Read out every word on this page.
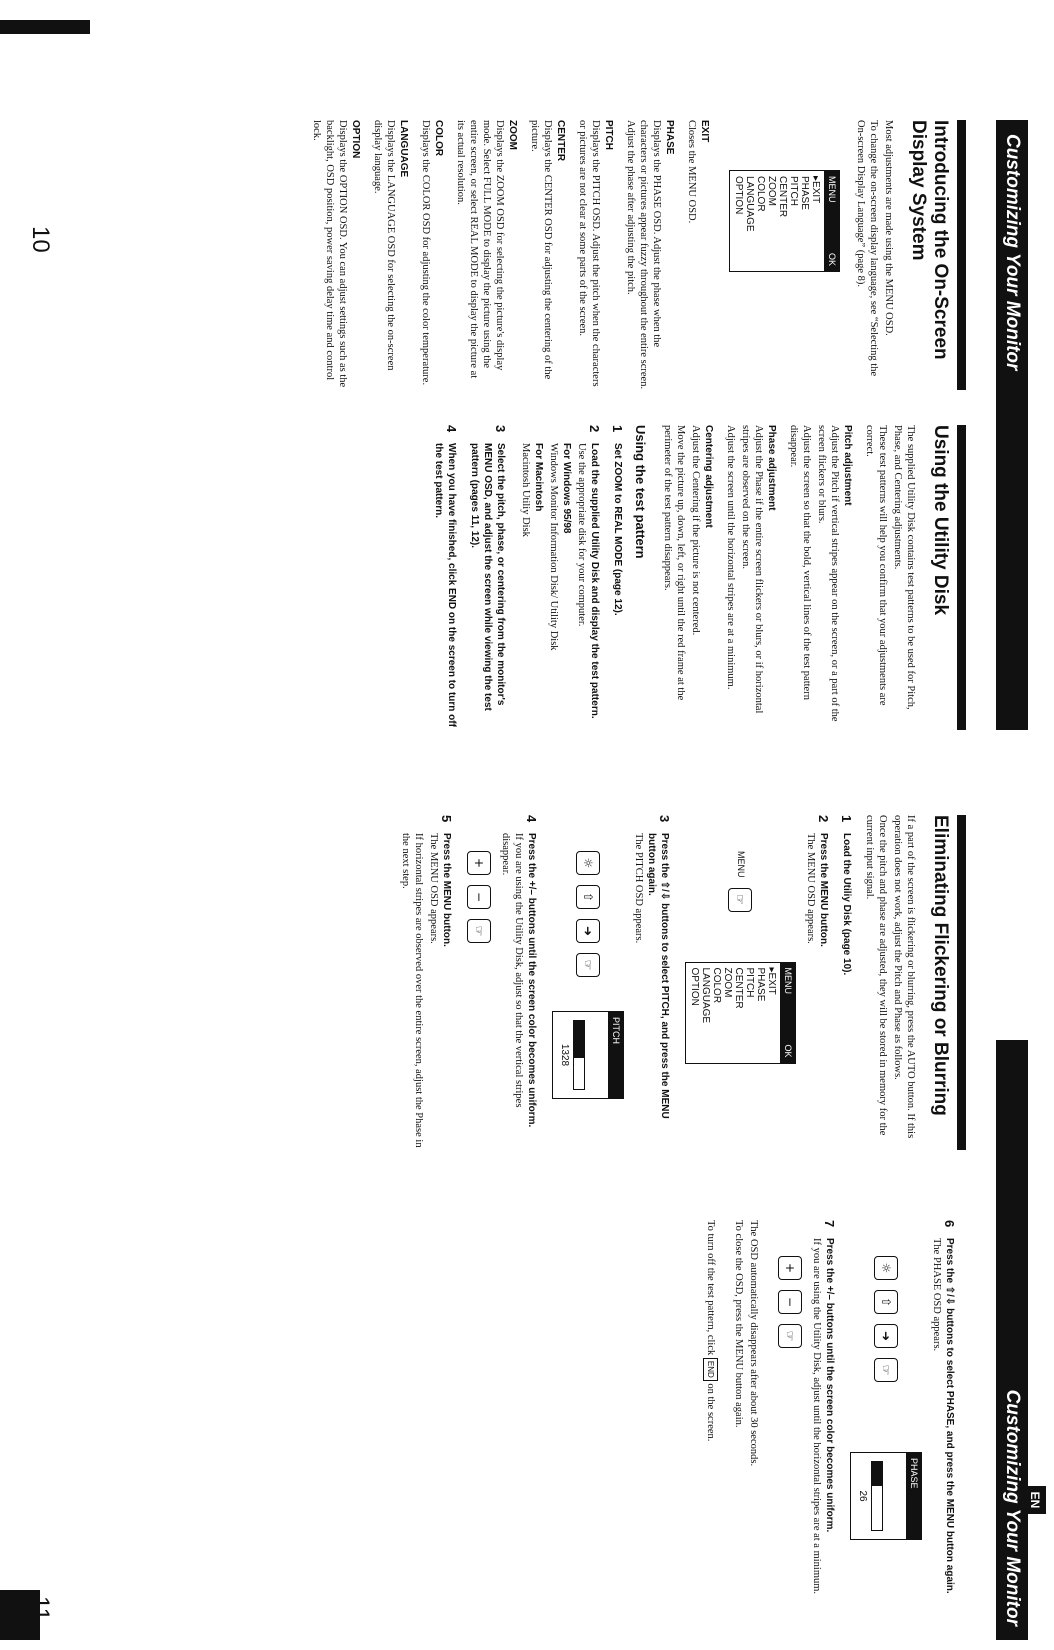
Customizing Your Monitor
Customizing Your Monitor EN
Introducing the On-Screen Display System

Most adjustments are made using the MENU OSD.

To change the on-screen display language, see “Selecting the On-screen Display Language” (page 8).

MENU
OK
▸EXIT
PHASE
PITCH
CENTER
ZOOM
COLOR
LANGUAGE
OPTION
EXIT

Closes the MENU OSD.

PHASE

Displays the PHASE OSD. Adjust the phase when the characters or pictures appear fuzzy throughout the entire screen. Adjust the phase after adjusting the pitch.

PITCH

Displays the PITCH OSD. Adjust the pitch when the characters or pictures are not clear at some parts of the screen.

CENTER

Displays the CENTER OSD for adjusting the centering of the picture.

ZOOM

Displays the ZOOM OSD for selecting the picture's display mode. Select FULL MODE to display the picture using the entire screen, or select REAL MODE to display the picture at its actual resolution.

COLOR

Displays the COLOR OSD for adjusting the color temperature.

LANGUAGE

Displays the LANGUAGE OSD for selecting the on-screen display language.

OPTION

Displays the OPTION OSD. You can adjust settings such as the backlight, OSD position, power saving delay time and control lock.

Using the Utility Disk

The supplied Utility Disk contains test patterns to be used for Pitch, Phase, and Centering adjustments.

These test patterns will help you confirm that your adjustments are correct.

Pitch adjustment

Adjust the Pitch if vertical stripes appear on the screen, or a part of the screen flickers or blurs.

Adjust the screen so that the bold, vertical lines of the test pattern disappear.

Phase adjustment

Adjust the Phase if the entire screen flickers or blurs, or if horizontal stripes are observed on the screen.

Adjust the screen until the horizontal stripes are at a minimum.

Centering adjustment

Adjust the Centering if the picture is not centered.

Move the picture up, down, left, or right until the red frame at the perimeter of the test pattern disappears.

Using the test pattern
1
Set ZOOM to REAL MODE (page 12).
2
Load the supplied Utility Disk and display the test pattern.

Use the appropriate disk for your computer.

For Windows 95/98

Windows Monitor Information Disk/ Utility Disk

For Macintosh

Macintosh Utiliy Disk

3
Select the pitch, phase, or centering from the monitor's MENU OSD, and adjust the screen while viewing the test pattern (pages 11, 12).
4
When you have finished, click END on the screen to turn off the test pattern.
Eliminating Flickering or Blurring

If a part of the screen is flickering or blurring, press the AUTO button. If this operation does not work, adjust the Pitch and Phase as follows.

Once the pitch and phase are adjusted, they will be stored in memory for the current input signal.

1
Load the Utiliy Disk (page 10).
2
Press the MENU button.

The MENU OSD appears.

MENU
☞
MENU
OK
▸EXIT
PHASE
PITCH
CENTER
ZOOM
COLOR
LANGUAGE
OPTION
3
Press the ⇧/⇩ buttons to select PITCH, and press the MENU button again.

The PITCH OSD appears.

☼
⇧
➜
☞
PITCH
1328
4
Press the +/– buttons until the screen color becomes uniform.

If you are using the Utility Disk, adjust so that the vertical stripes disappear.

+
−
☞
5
Press the MENU button.

The MENU OSD appears.

If horizontal stripes are observed over the entire screen, adjust the Phase in the next step.

6
Press the ⇧/⇩ buttons to select PHASE, and press the MENU button again.

The PHASE OSD appears.

☼
⇧
➜
☞
PHASE
26
7
Press the +/– buttons until the screen color becomes uniform.

If you are using the Utility Disk, adjust until the horizontal stripes are at a minimum.

+
−
☞

The OSD automatically disappears after about 30 seconds.

To close the OSD, press the MENU button again.

To turn off the test pattern, click END on the screen.

10
11
